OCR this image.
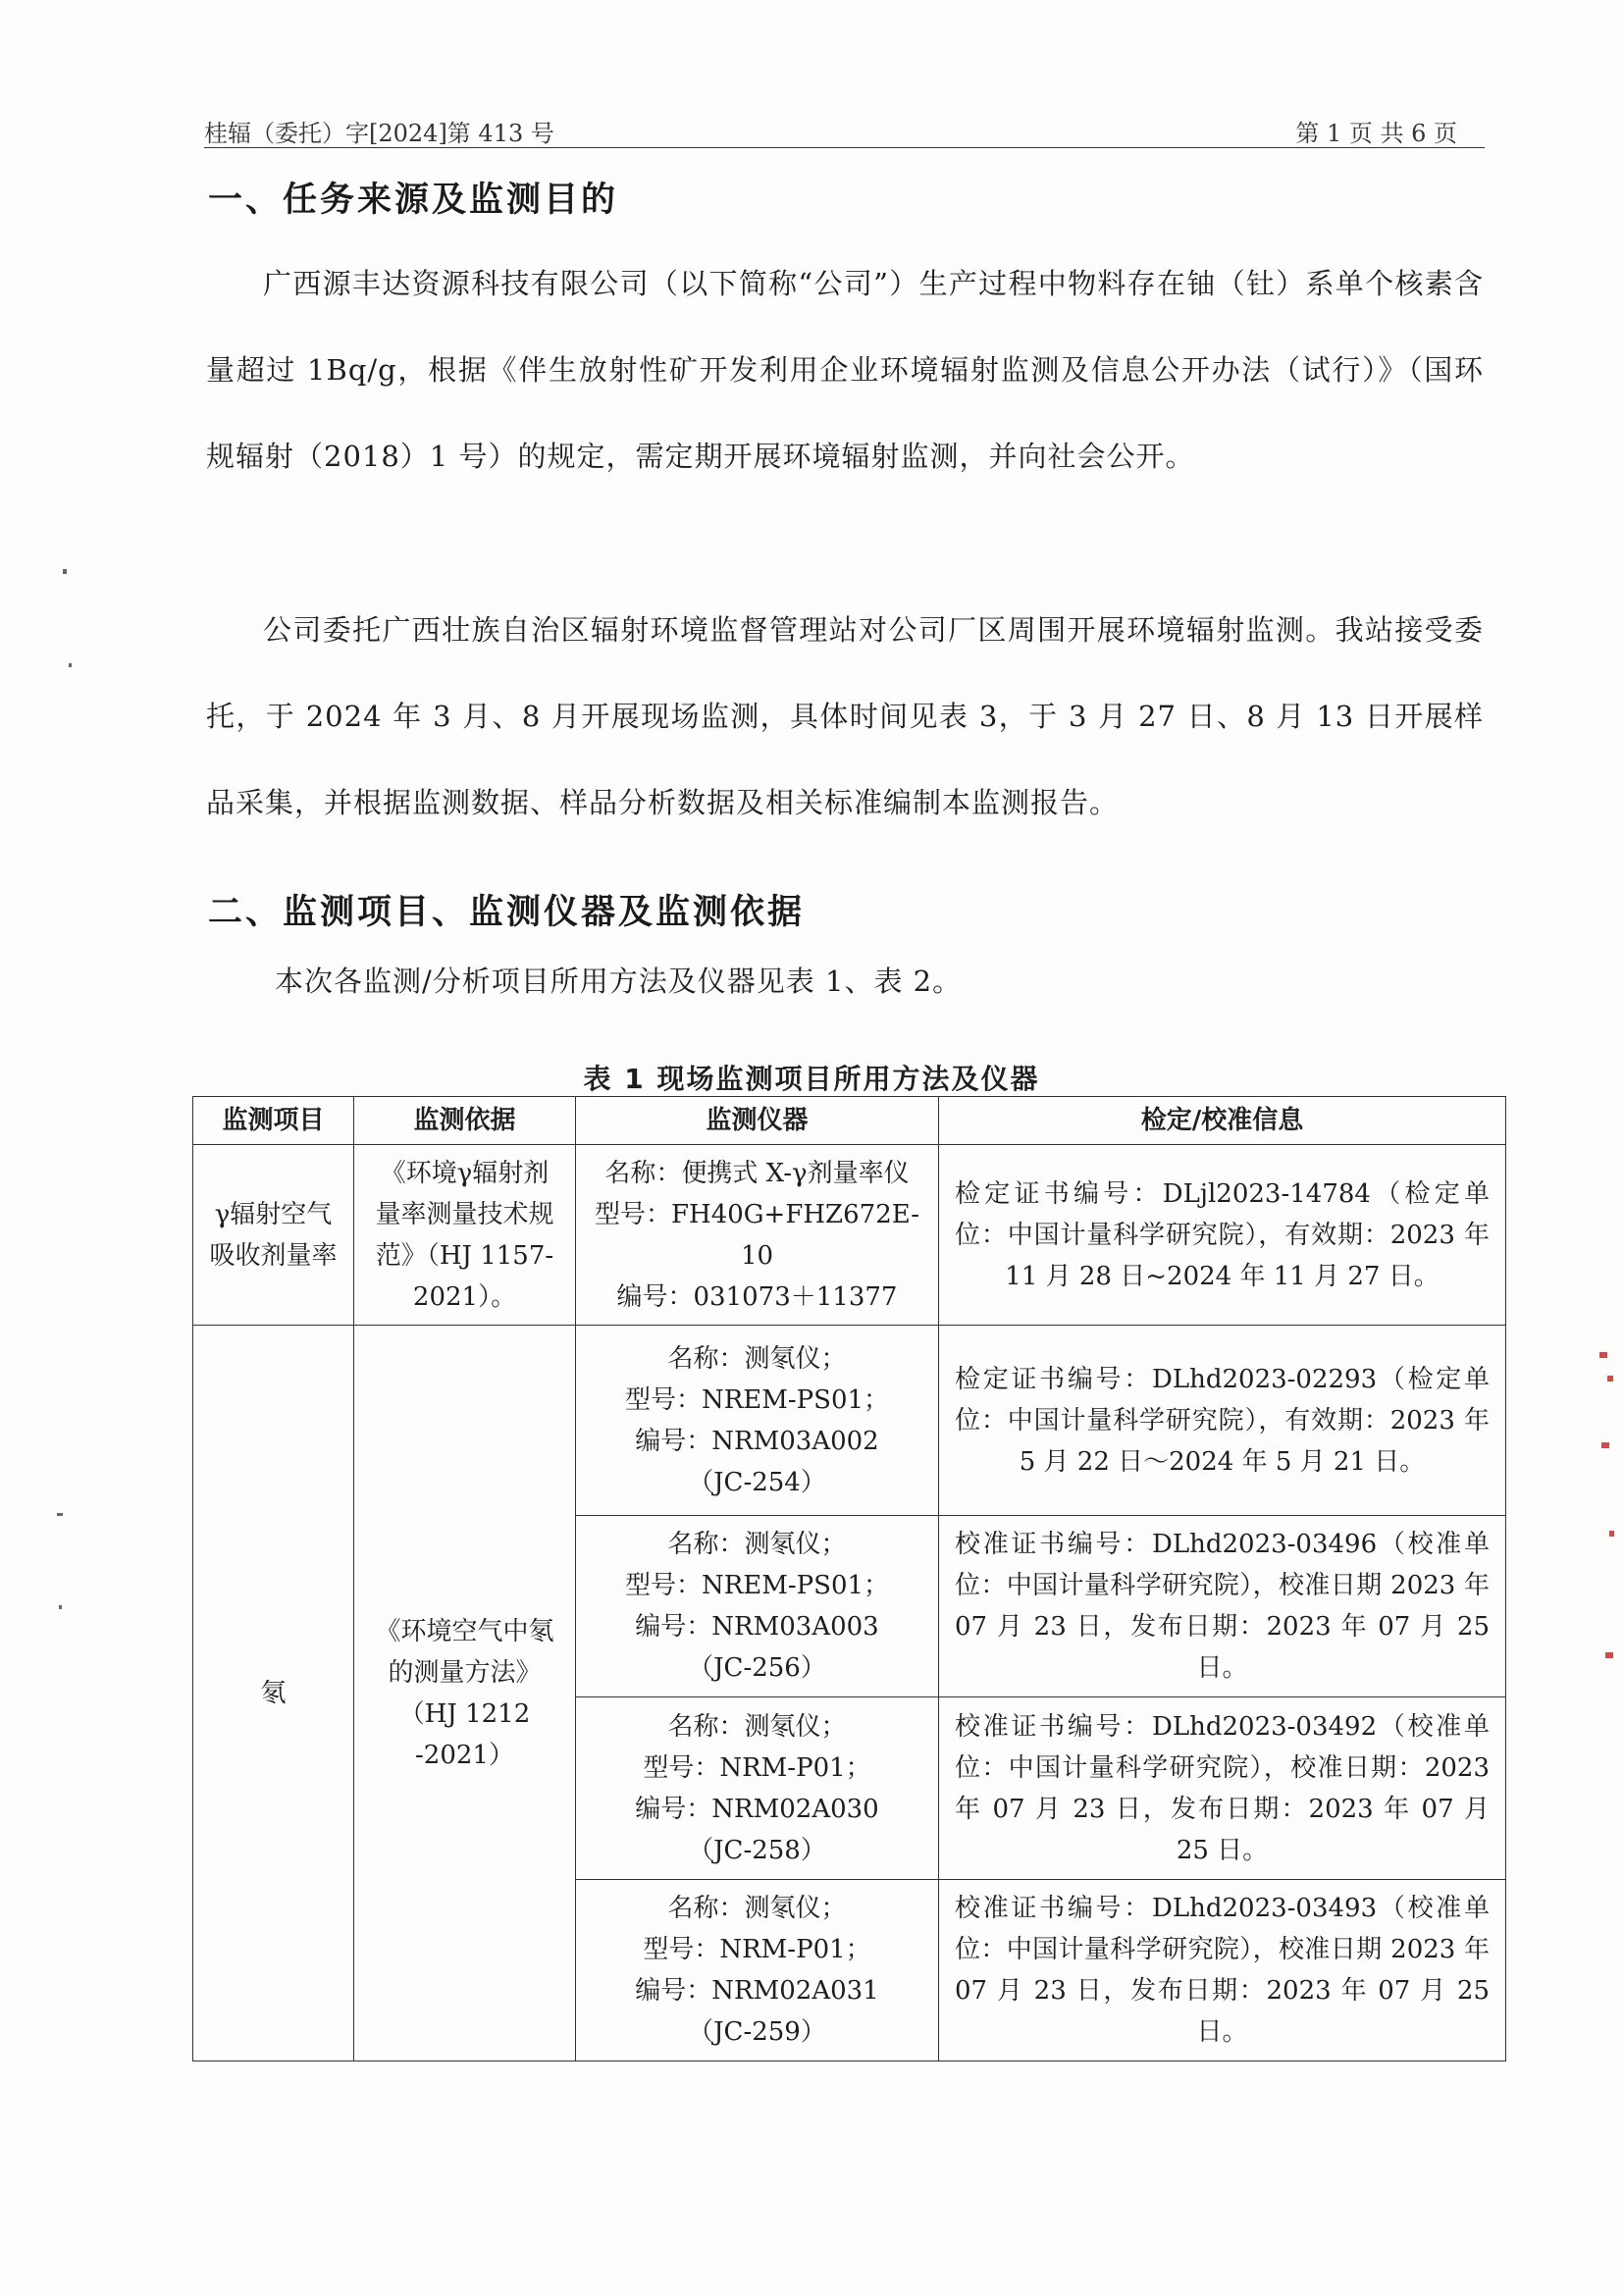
桂辐（委托）字[2024]第 413 号	第 1 页 共 6 页
一、任务来源及监测目的

广西源丰达资源科技有限公司（以下简称“公司”）生产过程中物料存在铀（钍）系单个核素含量超过 1Bq/g，根据《伴生放射性矿开发利用企业环境辐射监测及信息公开办法（试行）》（国环规辐射（2018）1 号）的规定，需定期开展环境辐射监测，并向社会公开。

公司委托广西壮族自治区辐射环境监督管理站对公司厂区周围开展环境辐射监测。我站接受委托，于 2024 年 3 月、8 月开展现场监测，具体时间见表 3，于 3 月 27 日、8 月 13 日开展样品采集，并根据监测数据、样品分析数据及相关标准编制本监测报告。

二、监测项目、监测仪器及监测依据
本次各监测/分析项目所用方法及仪器见表 1、表 2。
表 1 现场监测项目所用方法及仪器
监测项目	监测依据	监测仪器	检定/校准信息
γ辐射空气吸收剂量率	《环境γ辐射剂量率测量技术规范》（HJ 1157-2021）。	名称：便携式 X-γ剂量率仪
型号：FH40G+FHZ672E-10
编号：031073＋11377	检定证书编号：DLjl2023-14784（检定单位：中国计量科学研究院），有效期：2023 年 11 月 28 日~2024 年 11 月 27 日。
氡	《环境空气中氡的测量方法》（HJ 1212 -2021）	名称：测氡仪；
型号：NREM-PS01；
编号：NRM03A002
（JC-254）	检定证书编号：DLhd2023-02293（检定单位：中国计量科学研究院），有效期：2023 年 5 月 22 日～2024 年 5 月 21 日。
		名称：测氡仪；
型号：NREM-PS01；
编号：NRM03A003
（JC-256）	校准证书编号：DLhd2023-03496（校准单位：中国计量科学研究院），校准日期 2023 年 07 月 23 日，发布日期：2023 年 07 月 25 日。
		名称：测氡仪；
型号：NRM-P01；
编号：NRM02A030
（JC-258）	校准证书编号：DLhd2023-03492（校准单位：中国计量科学研究院），校准日期：2023 年 07 月 23 日，发布日期：2023 年 07 月 25 日。
		名称：测氡仪；
型号：NRM-P01；
编号：NRM02A031
（JC-259）	校准证书编号：DLhd2023-03493（校准单位：中国计量科学研究院），校准日期 2023 年 07 月 23 日，发布日期：2023 年 07 月 25 日。
